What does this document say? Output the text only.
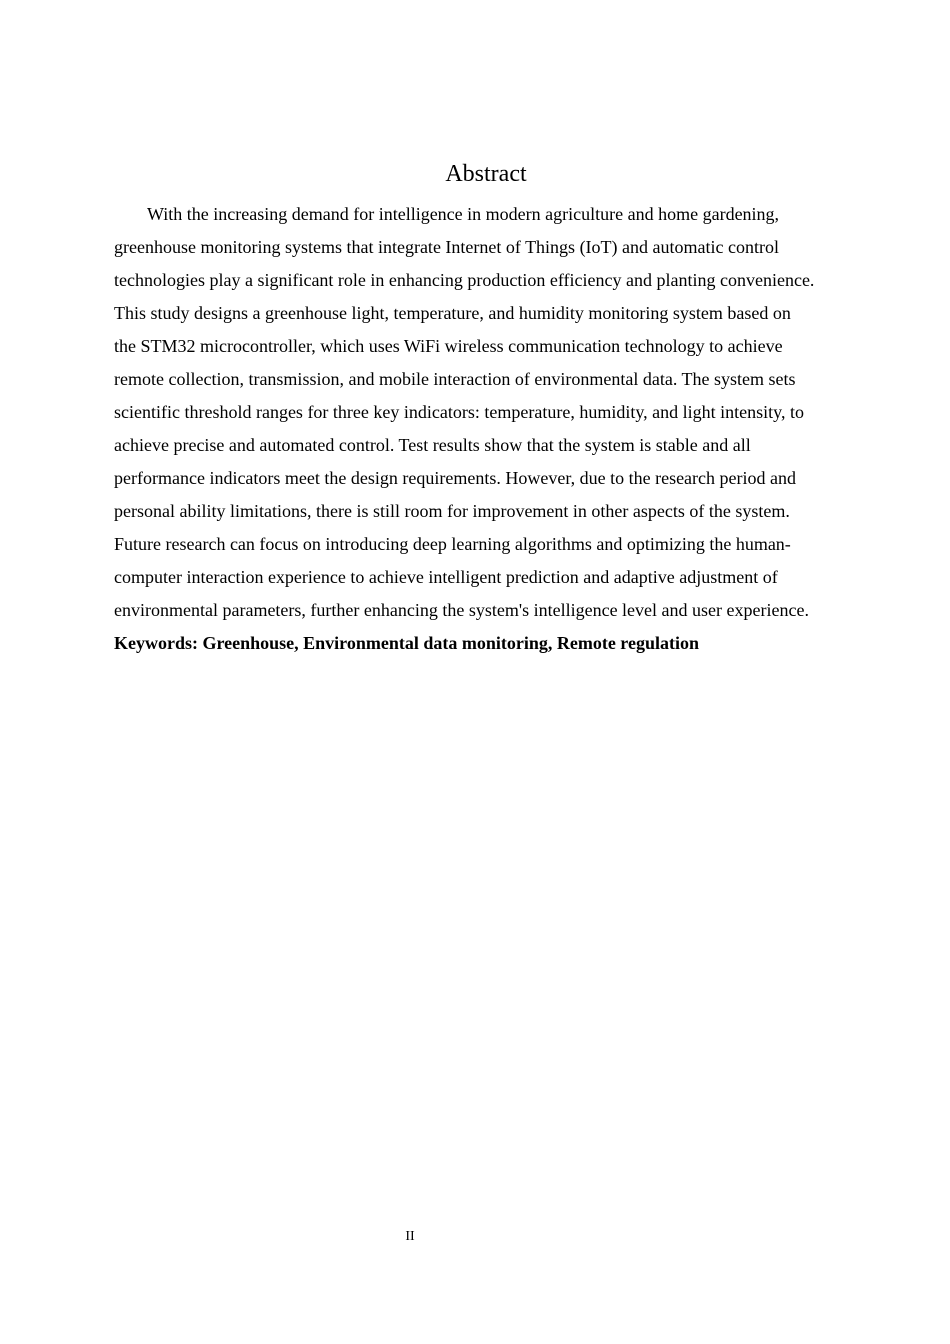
Abstract
With the increasing demand for intelligence in modern agriculture and home gardening,
greenhouse monitoring systems that integrate Internet of Things (IoT) and automatic control
technologies play a significant role in enhancing production efficiency and planting convenience.
This study designs a greenhouse light, temperature, and humidity monitoring system based on
the STM32 microcontroller, which uses WiFi wireless communication technology to achieve
remote collection, transmission, and mobile interaction of environmental data. The system sets
scientific threshold ranges for three key indicators: temperature, humidity, and light intensity, to
achieve precise and automated control. Test results show that the system is stable and all
performance indicators meet the design requirements. However, due to the research period and
personal ability limitations, there is still room for improvement in other aspects of the system.
Future research can focus on introducing deep learning algorithms and optimizing the human-
computer interaction experience to achieve intelligent prediction and adaptive adjustment of
environmental parameters, further enhancing the system's intelligence level and user experience.

Keywords: Greenhouse, Environmental data monitoring, Remote regulation

II
